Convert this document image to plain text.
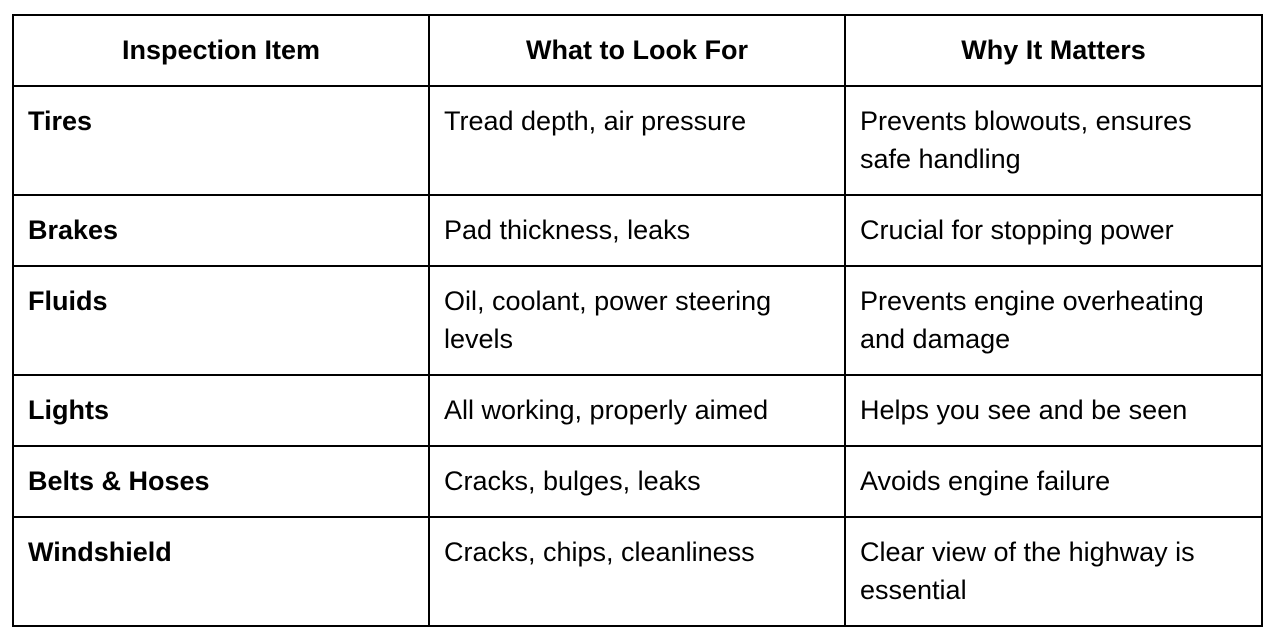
Inspection Item	What to Look For	Why It Matters
Tires	Tread depth, air pressure	Prevents blowouts, ensures safe handling
Brakes	Pad thickness, leaks	Crucial for stopping power
Fluids	Oil, coolant, power steering levels	Prevents engine overheating and damage
Lights	All working, properly aimed	Helps you see and be seen
Belts & Hoses	Cracks, bulges, leaks	Avoids engine failure
Windshield	Cracks, chips, cleanliness	Clear view of the highway is essential
